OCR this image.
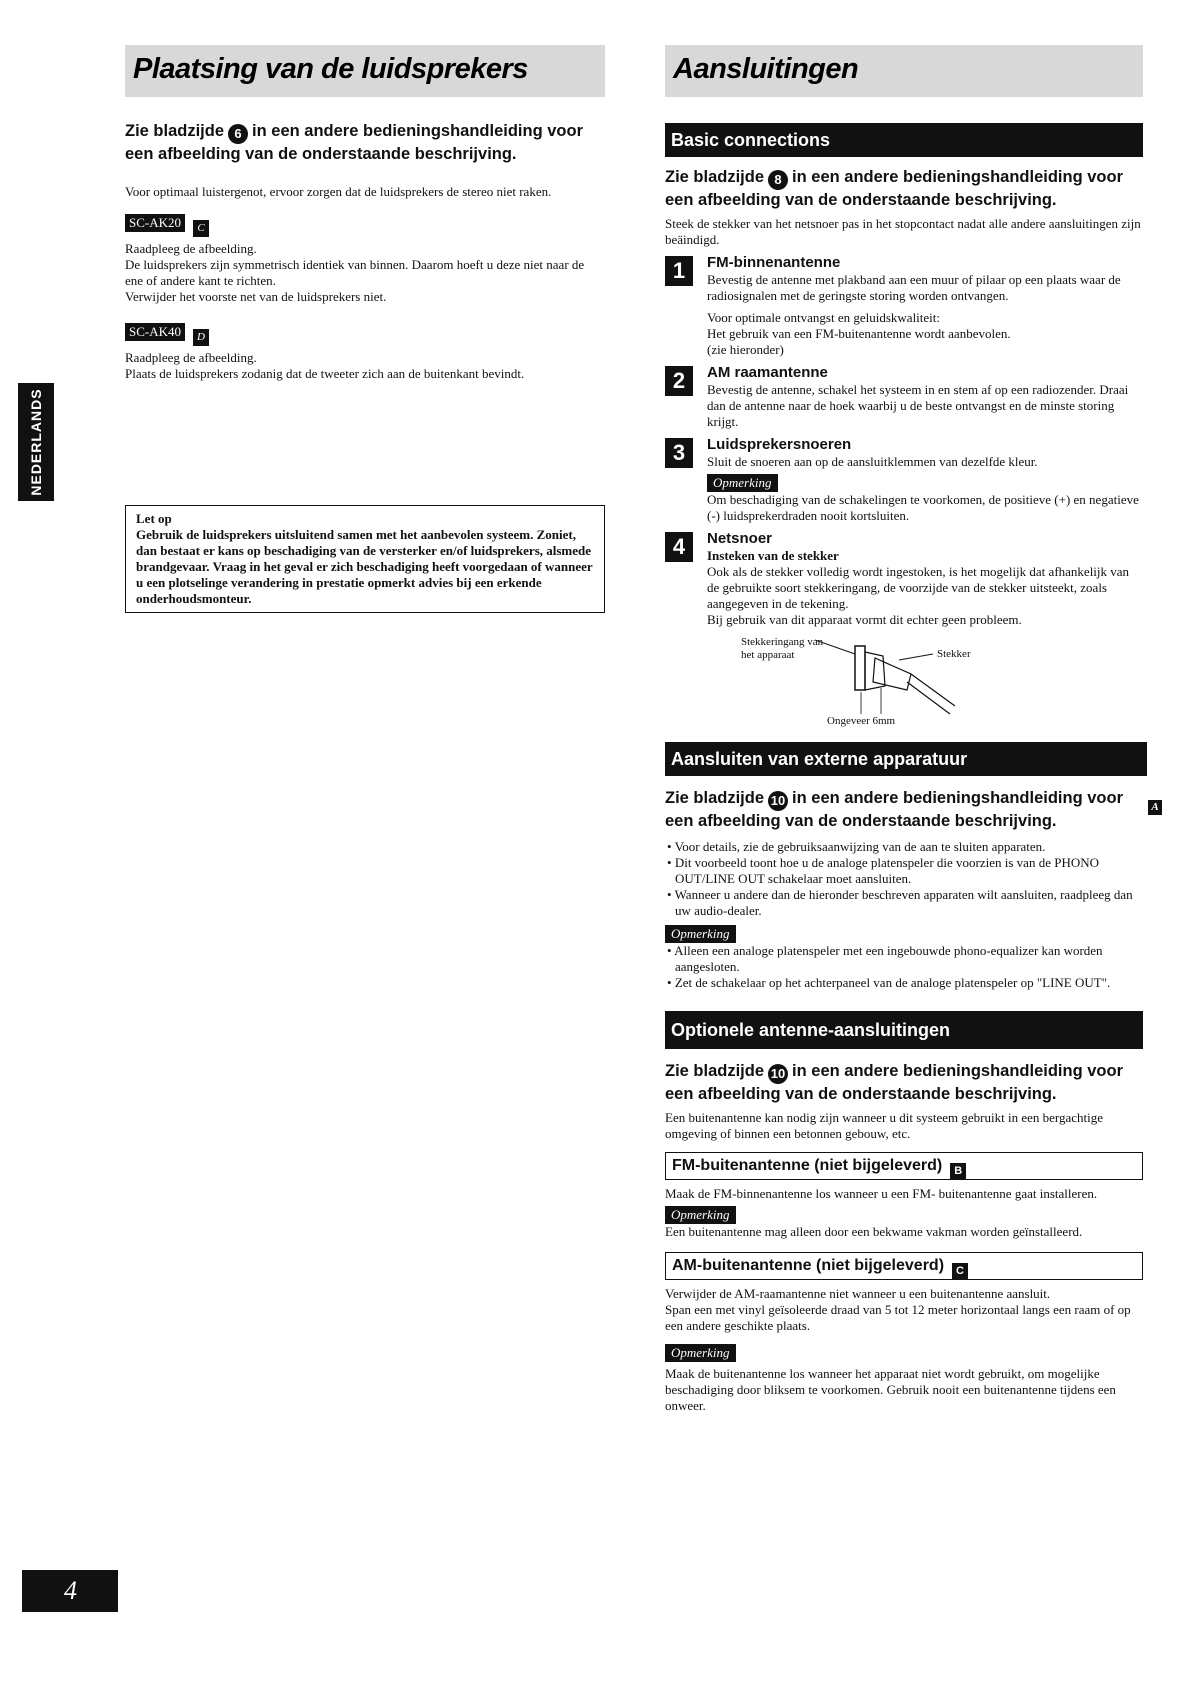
Plaatsing van de luidsprekers

Zie bladzijde 6 in een andere bedieningshandleiding voor een afbeelding van de onderstaande beschrijving.

Voor optimaal luistergenot, ervoor zorgen dat de luidsprekers de stereo niet raken.

SC-AK20 C

Raadpleeg de afbeelding.

De luidsprekers zijn symmetrisch identiek van binnen. Daarom hoeft u deze niet naar de ene of andere kant te richten.

Verwijder het voorste net van de luidsprekers niet.

SC-AK40 D

Raadpleeg de afbeelding.

Plaats de luidsprekers zodanig dat de tweeter zich aan de buitenkant bevindt.

Let op
Gebruik de luidsprekers uitsluitend samen met het aanbevolen systeem. Zoniet, dan bestaat er kans op beschadiging van de versterker en/of luidsprekers, alsmede brandgevaar. Vraag in het geval er zich beschadiging heeft voorgedaan of wanneer u een plotselinge verandering in prestatie opmerkt advies bij een erkende onderhoudsmonteur.
NEDERLANDS
4
Aansluitingen
Basic connections

Zie bladzijde 8 in een andere bedieningshandleiding voor een afbeelding van de onderstaande beschrijving.

Steek de stekker van het netsnoer pas in het stopcontact nadat alle andere aansluitingen zijn beäindigd.

1	FM-binnenantenne

Bevestig de antenne met plakband aan een muur of pilaar op een plaats waar de radiosignalen met de geringste storing worden ontvangen.

Voor optimale ontvangst en geluidskwaliteit:

Het gebruik van een FM-buitenantenne wordt aanbevolen.

(zie hieronder)

2	AM raamantenne

Bevestig de antenne, schakel het systeem in en stem af op een radiozender. Draai dan de antenne naar de hoek waarbij u de beste ontvangst en de minste storing krijgt.

3	Luidsprekersnoeren

Sluit de snoeren aan op de aansluitklemmen van dezelfde kleur.

Opmerking

Om beschadiging van de schakelingen te voorkomen, de positieve (+) en negatieve (-) luidsprekerdraden nooit kortsluiten.

4	Netsnoer

Insteken van de stekker

Ook als de stekker volledig wordt ingestoken, is het mogelijk dat afhankelijk van de gebruikte soort stekkeringang, de voorzijde van de stekker uitsteekt, zoals aangegeven in de tekening.

Bij gebruik van dit apparaat vormt dit echter geen probleem.

Stekkeringang van
het apparaat	Stekker
Ongeveer 6mm
Aansluiten van externe apparatuur

Zie bladzijde 10 in een andere bedieningshandleiding voor een afbeelding van de onderstaande beschrijving.

• Voor details, zie de gebruiksaanwijzing van de aan te sluiten apparaten.
• Dit voorbeeld toont hoe u de analoge platenspeler die voorzien is van de PHONO OUT/LINE OUT schakelaar moet aansluiten.
• Wanneer u andere dan de hieronder beschreven apparaten wilt aansluiten, raadpleeg dan uw audio-dealer.
Opmerking
• Alleen een analoge platenspeler met een ingebouwde phono-equalizer kan worden aangesloten.
• Zet de schakelaar op het achterpaneel van de analoge platenspeler op "LINE OUT".
Optionele antenne-aansluitingen

Zie bladzijde 10 in een andere bedieningshandleiding voor een afbeelding van de onderstaande beschrijving.

Een buitenantenne kan nodig zijn wanneer u dit systeem gebruikt in een bergachtige omgeving of binnen een betonnen gebouw, etc.

FM-buitenantenne (niet bijgeleverd) B

Maak de FM-binnenantenne los wanneer u een FM- buitenantenne gaat installeren.

Opmerking

Een buitenantenne mag alleen door een bekwame vakman worden geïnstalleerd.

AM-buitenantenne (niet bijgeleverd) C

Verwijder de AM-raamantenne niet wanneer u een buitenantenne aansluit.

Span een met vinyl geïsoleerde draad van 5 tot 12 meter horizontaal langs een raam of op een andere geschikte plaats.

Opmerking

Maak de buitenantenne los wanneer het apparaat niet wordt gebruikt, om mogelijke beschadiging door bliksem te voorkomen. Gebruik nooit een buitenantenne tijdens een onweer.

A
